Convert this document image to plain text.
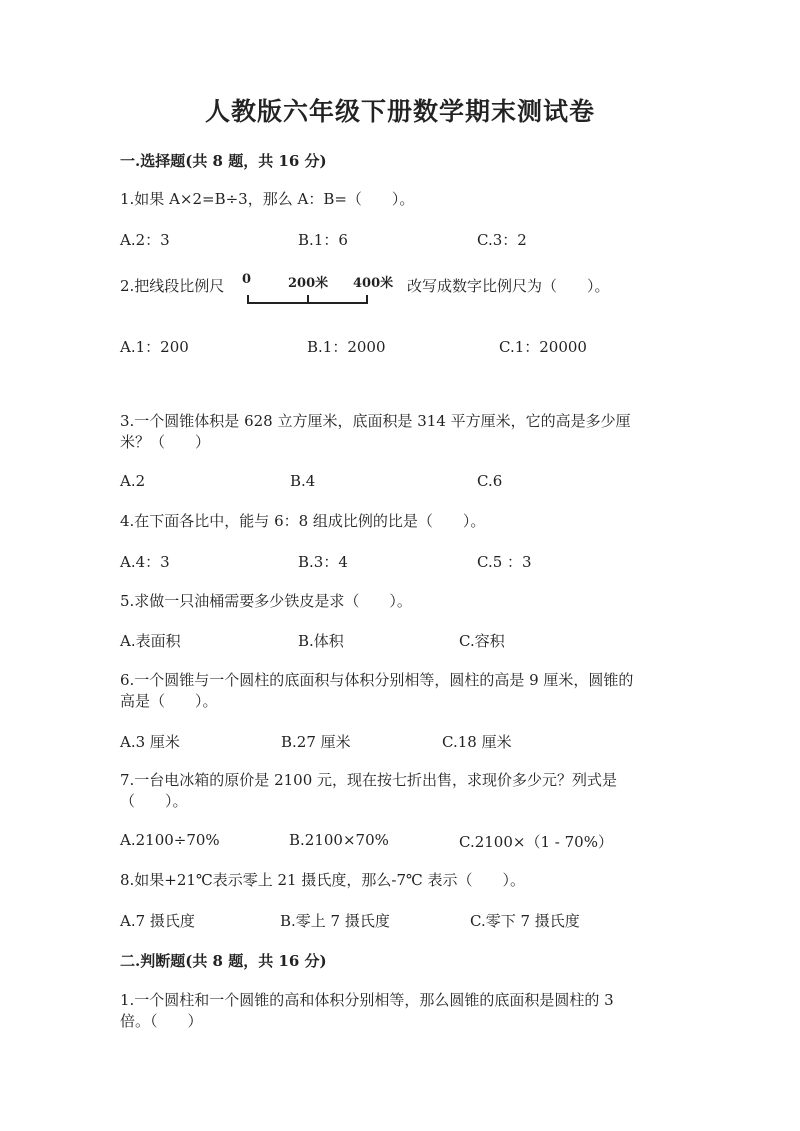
人教版六年级下册数学期末测试卷
一.选择题(共 8 题，共 16 分)
1.如果 A×2=B÷3，那么 A：B=（　　）。
A.2：3	B.1：6	C.3：2
2.把线段比例尺 0	200米 400米 改写成数字比例尺为（　　）。
A.1：200	B.1：2000	C.1：20000
3.一个圆锥体积是 628 立方厘米，底面积是 314 平方厘米，它的高是多少厘
米？（　　）
A.2	B.4	C.6
4.在下面各比中，能与 6：8 组成比例的比是（　　）。
A.4：3	B.3：4	C.5 ：3
5.求做一只油桶需要多少铁皮是求（　　）。
A.表面积	B.体积	C.容积
6.一个圆锥与一个圆柱的底面积与体积分别相等，圆柱的高是 9 厘米，圆锥的
高是（　　）。
A.3 厘米	B.27 厘米	C.18 厘米
7.一台电冰箱的原价是 2100 元，现在按七折出售，求现价多少元？列式是
（　　）。
A.2100÷70%	B.2100×70%	C.2100×（1 - 70%）
8.如果+21℃表示零上 21 摄氏度，那么-7℃ 表示（　　）。
A.7 摄氏度	B.零上 7 摄氏度	C.零下 7 摄氏度
二.判断题(共 8 题，共 16 分)
1.一个圆柱和一个圆锥的高和体积分别相等，那么圆锥的底面积是圆柱的 3
倍。（　　）
